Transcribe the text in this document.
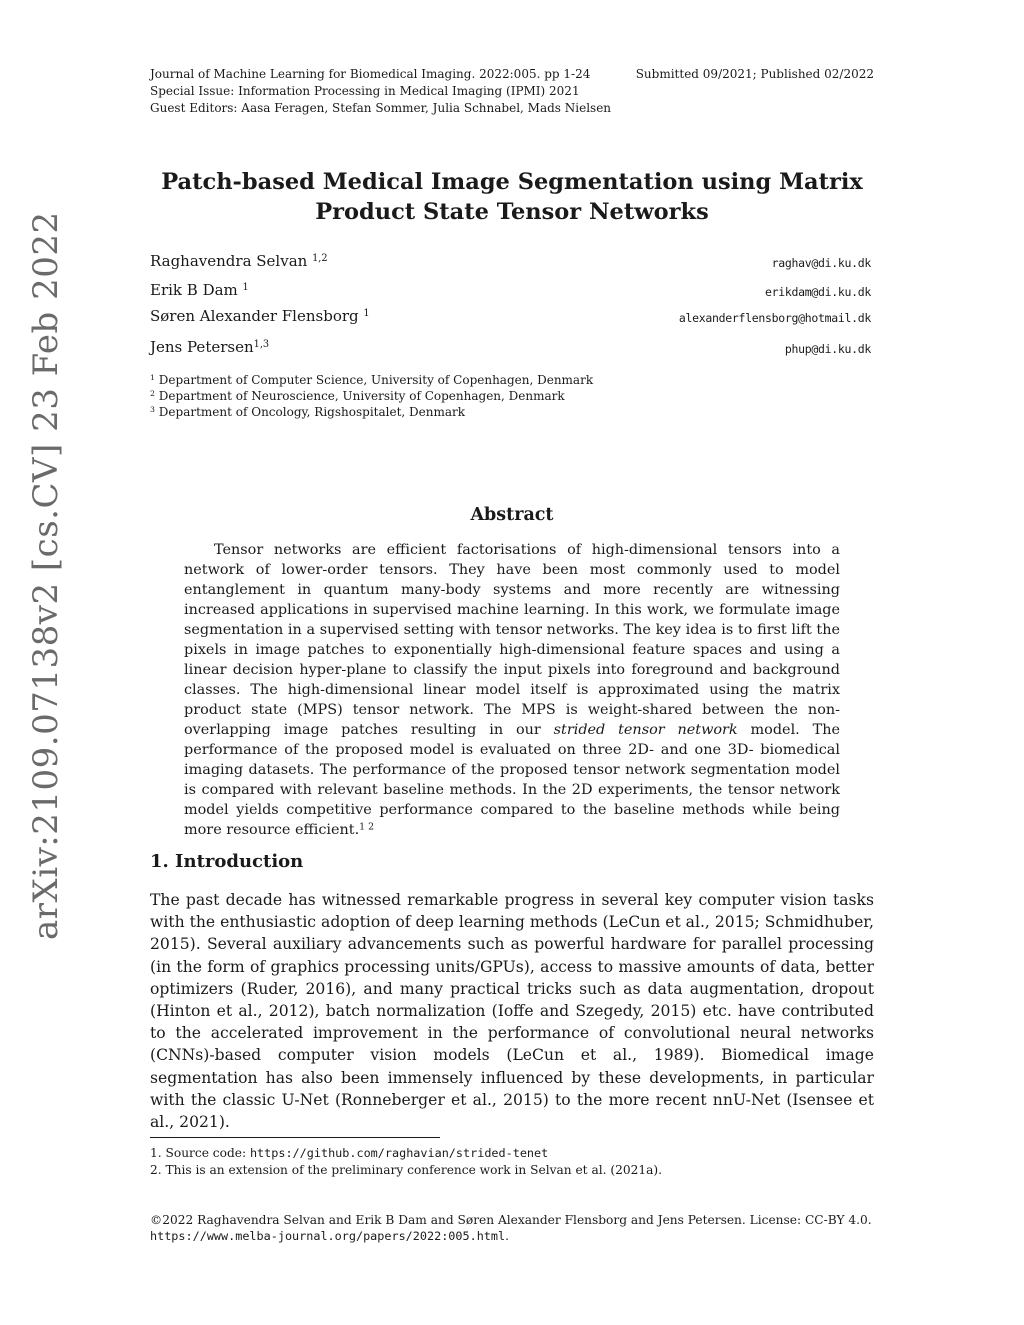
Journal of Machine Learning for Biomedical Imaging. 2022:005. pp 1-24
Special Issue: Information Processing in Medical Imaging (IPMI) 2021
Guest Editors: Aasa Feragen, Stefan Sommer, Julia Schnabel, Mads Nielsen
Submitted 09/2021; Published 02/2022
arXiv:2109.07138v2 [cs.CV] 23 Feb 2022
Patch-based Medical Image Segmentation using Matrix
Product State Tensor Networks
Raghavendra Selvan $^{1,2}$	raghav@di.ku.dk
Erik B Dam $^1$	erikdam@di.ku.dk
Søren Alexander Flensborg $^1$	alexanderflensborg@hotmail.dk
Jens Petersen$^{1,3}$	phup@di.ku.dk
$^1$ Department of Computer Science, University of Copenhagen, Denmark
$^2$ Department of Neuroscience, University of Copenhagen, Denmark
$^3$ Department of Oncology, Rigshospitalet, Denmark
Abstract
Tensor networks are efficient factorisations of high-dimensional tensors into a network of lower-order tensors. They have been most commonly used to model entanglement in quantum many-body systems and more recently are witnessing increased applications in supervised machine learning. In this work, we formulate image segmentation in a supervised setting with tensor networks. The key idea is to first lift the pixels in image patches to exponentially high-dimensional feature spaces and using a linear decision hyper-plane to classify the input pixels into foreground and background classes. The high-dimensional linear model itself is approximated using the matrix product state (MPS) tensor network. The MPS is weight-shared between the non-overlapping image patches resulting in our strided tensor network model. The performance of the proposed model is evaluated on three 2D- and one 3D- biomedical imaging datasets. The performance of the proposed tensor network segmentation model is compared with relevant baseline methods. In the 2D experiments, the tensor network model yields competitive performance compared to the baseline methods while being more resource efficient.$^{1 2}$
1. Introduction
The past decade has witnessed remarkable progress in several key computer vision tasks with the enthusiastic adoption of deep learning methods (LeCun et al., 2015; Schmidhuber, 2015). Several auxiliary advancements such as powerful hardware for parallel processing (in the form of graphics processing units/GPUs), access to massive amounts of data, better optimizers (Ruder, 2016), and many practical tricks such as data augmentation, dropout (Hinton et al., 2012), batch normalization (Ioffe and Szegedy, 2015) etc. have contributed to the accelerated improvement in the performance of convolutional neural networks (CNNs)-based computer vision models (LeCun et al., 1989). Biomedical image segmentation has also been immensely influenced by these developments, in particular with the classic U-Net (Ronneberger et al., 2015) to the more recent nnU-Net (Isensee et al., 2021).
1. Source code: https://github.com/raghavian/strided-tenet
2. This is an extension of the preliminary conference work in Selvan et al. (2021a).
©2022 Raghavendra Selvan and Erik B Dam and Søren Alexander Flensborg and Jens Petersen. License: CC-BY 4.0.
https://www.melba-journal.org/papers/2022:005.html.
